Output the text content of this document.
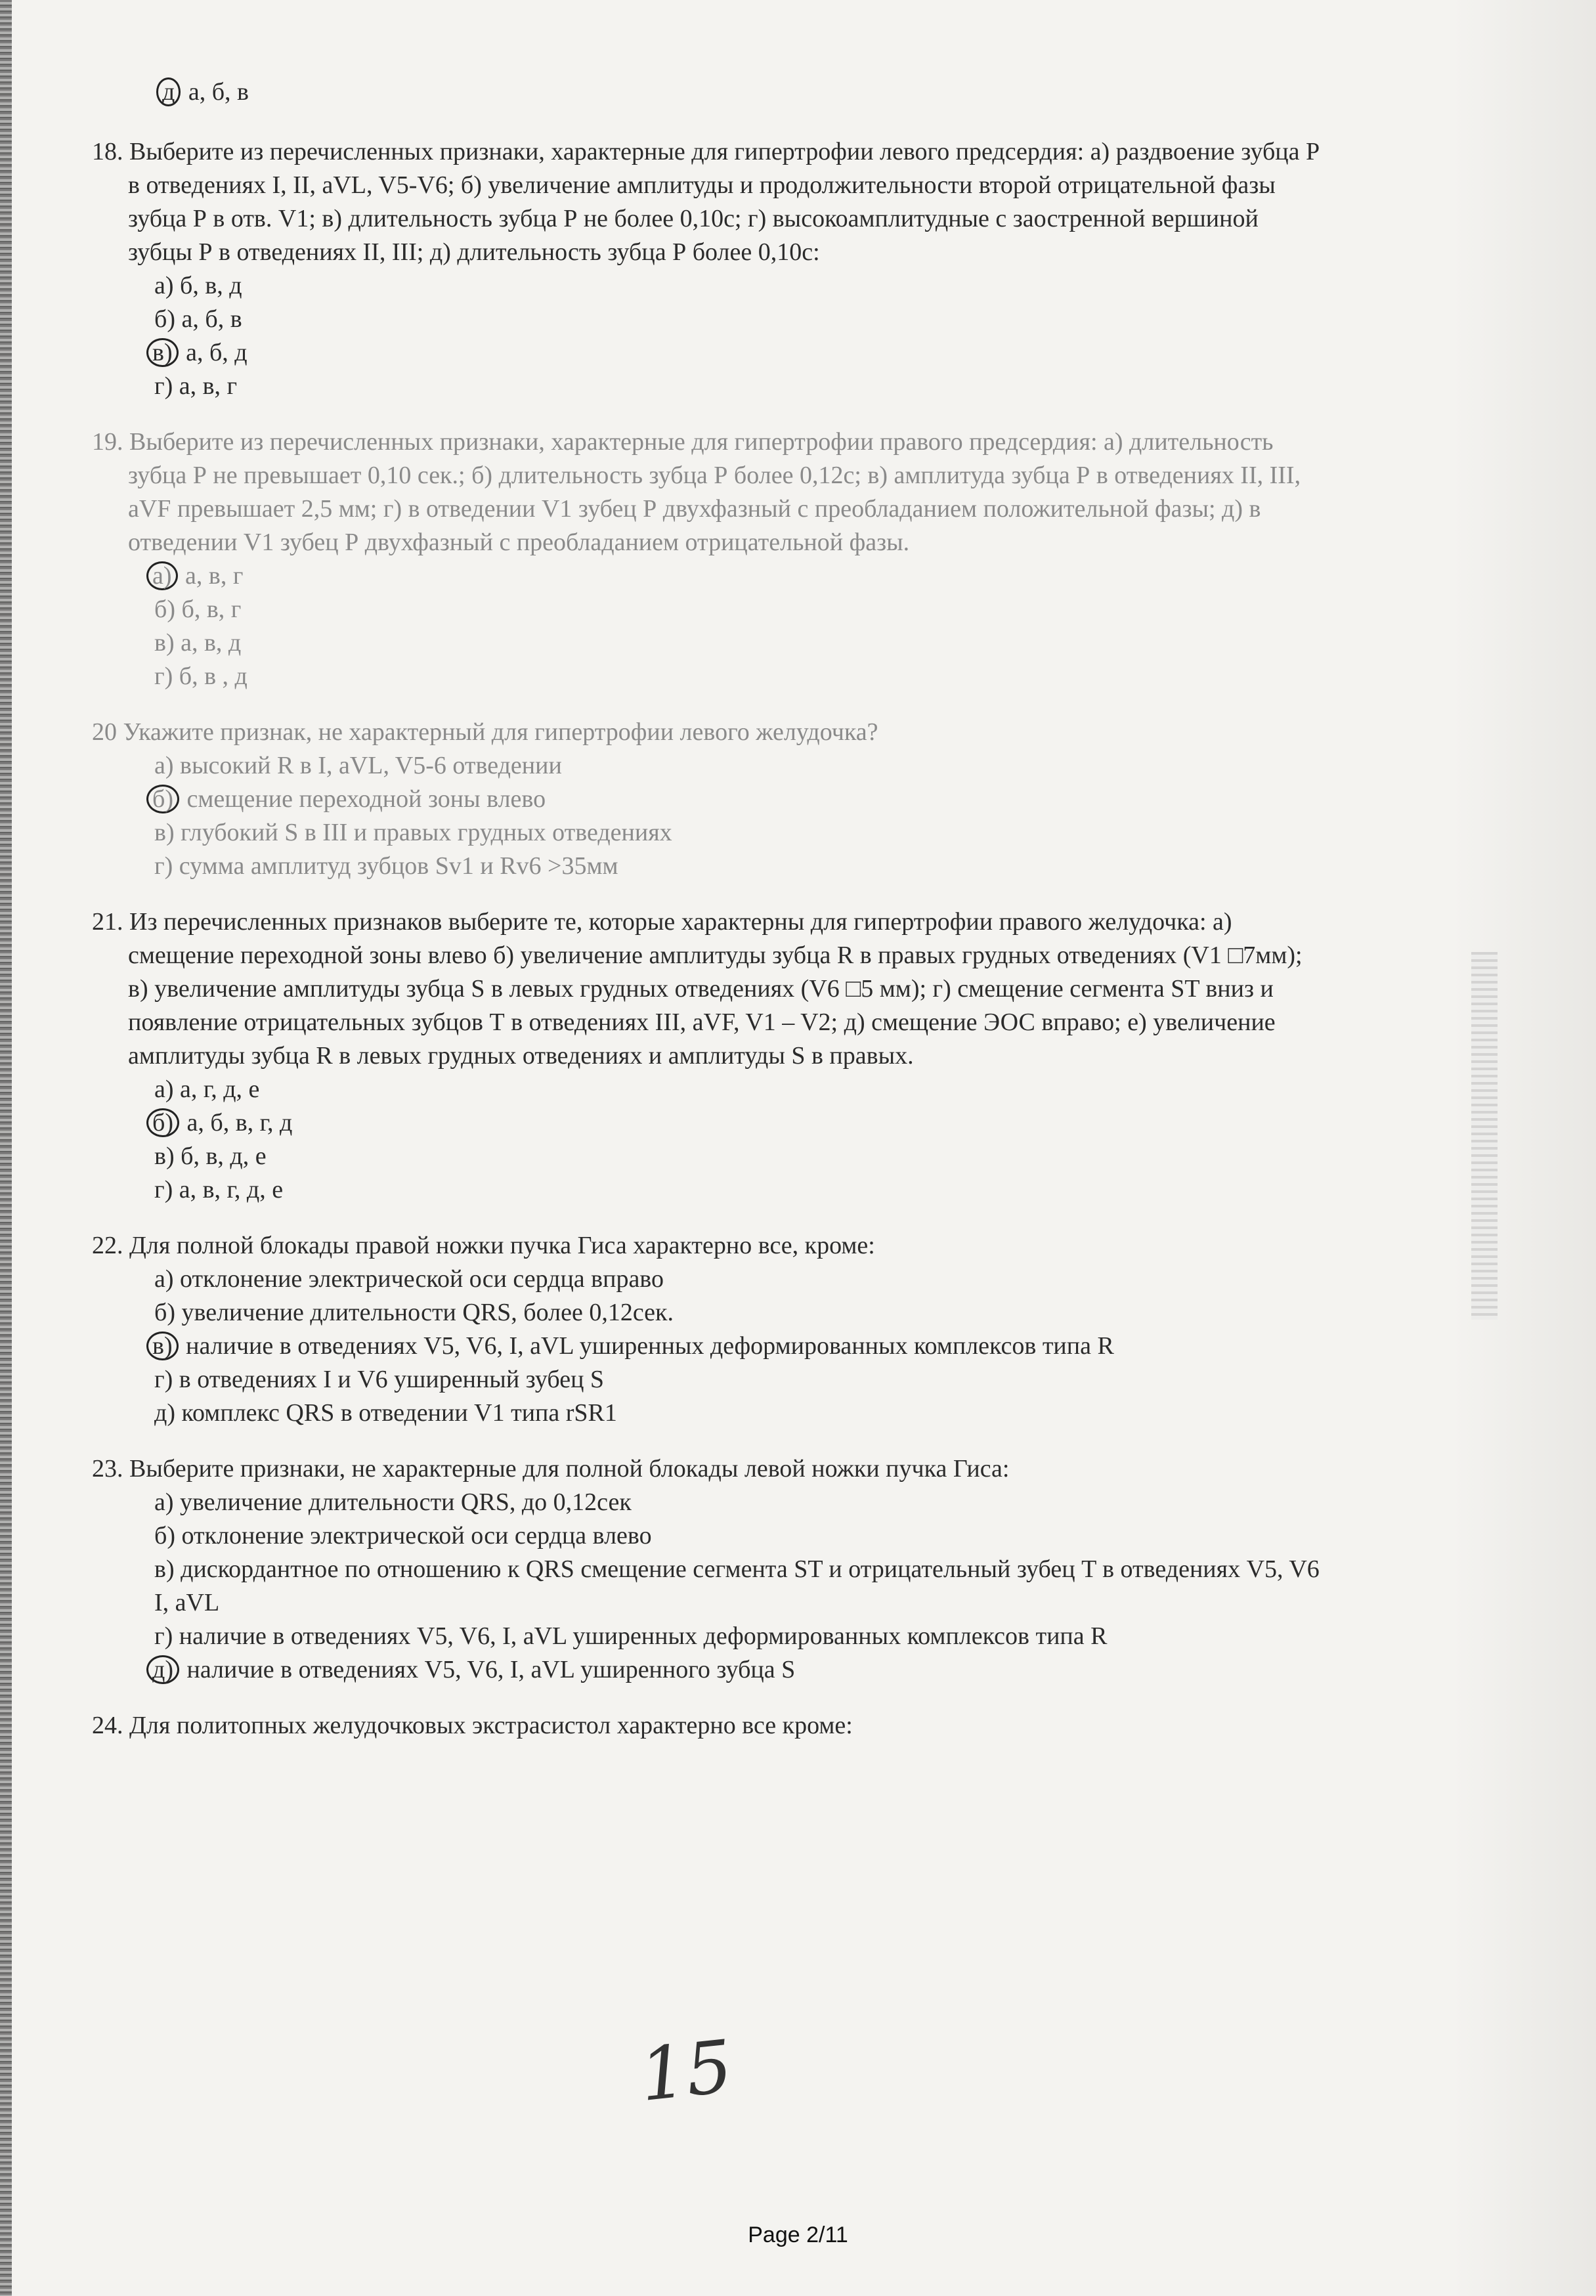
д а, б, в
18. Выберите из перечисленных признаки, характерные для гипертрофии левого предсердия: а) раздвоение зубца Р в отведениях I, II, aVL, V5-V6; б) увеличение амплитуды и продолжительности второй отрицательной фазы зубца Р в отв. V1; в) длительность зубца Р не более 0,10с; г) высокоамплитудные с заостренной вершиной зубцы Р в отведениях II, III; д) длительность зубца Р более 0,10с:
а) б, в, д
б) а, б, в
в) а, б, д
г) а, в, г
19. Выберите из перечисленных признаки, характерные для гипертрофии правого предсердия: а) длительность зубца Р не превышает 0,10 сек.; б) длительность зубца Р более 0,12с; в) амплитуда зубца Р в отведениях II, III, aVF превышает 2,5 мм; г) в отведении V1 зубец Р двухфазный с преобладанием положительной фазы; д) в отведении V1 зубец Р двухфазный с преобладанием отрицательной фазы.
а) а, в, г
б) б, в, г
в) а, в, д
г) б, в , д
20 Укажите признак, не характерный для гипертрофии левого желудочка?
а) высокий R в I, aVL, V5-6 отведении
б) смещение переходной зоны влево
в) глубокий S в III и правых грудных отведениях
г) сумма амплитуд зубцов Sv1 и Rv6 >35мм
21. Из перечисленных признаков выберите те, которые характерны для гипертрофии правого желудочка: а) смещение переходной зоны влево б) увеличение амплитуды зубца R в правых грудных отведениях (V1 □7мм); в) увеличение амплитуды зубца S в левых грудных отведениях (V6 □5 мм); г) смещение сегмента ST вниз и появление отрицательных зубцов Т в отведениях III, aVF, V1 – V2; д) смещение ЭОС вправо; е) увеличение амплитуды зубца R в левых грудных отведениях и амплитуды S в правых.
а) а, г, д, е
б) а, б, в, г, д
в) б, в, д, е
г) а, в, г, д, е
22. Для полной блокады правой ножки пучка Гиса характерно все, кроме:
а) отклонение электрической оси сердца вправо
б) увеличение длительности QRS, более 0,12сек.
в) наличие в отведениях V5, V6, I, aVL уширенных деформированных комплексов типа R
г) в отведениях I и V6 уширенный зубец S
д) комплекс QRS в отведении V1 типа rSR1
23. Выберите признаки, не характерные для полной блокады левой ножки пучка Гиса:
а) увеличение длительности QRS, до 0,12сек
б) отклонение электрической оси сердца влево
в) дискордантное по отношению к QRS смещение сегмента ST и отрицательный зубец T в отведениях V5, V6 I, aVL
г) наличие в отведениях V5, V6, I, aVL уширенных деформированных комплексов типа R
д) наличие в отведениях V5, V6, I, aVL уширенного зубца S
24. Для политопных желудочковых экстрасистол характерно все кроме:
15
Page 2/11
